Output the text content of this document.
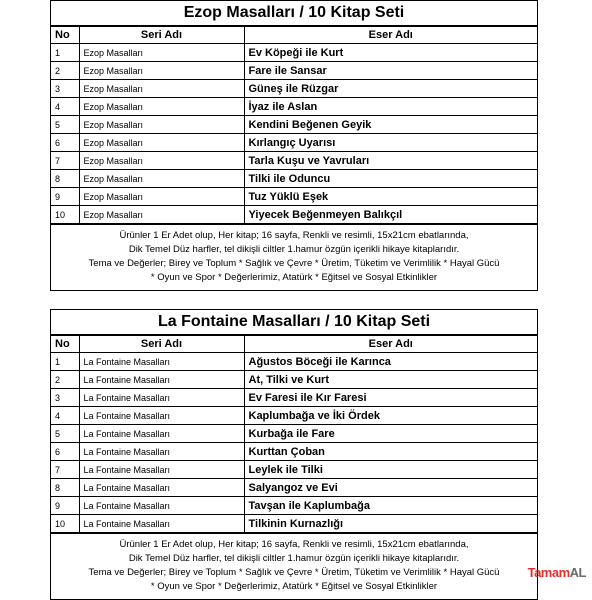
Ezop Masalları / 10 Kitap Seti
No	Seri Adı	Eser Adı
1	Ezop Masalları	Ev Köpeği ile Kurt
2	Ezop Masalları	Fare ile Sansar
3	Ezop Masalları	Güneş ile Rüzgar
4	Ezop Masalları	İyaz ile Aslan
5	Ezop Masalları	Kendini Beğenen Geyik
6	Ezop Masalları	Kırlangıç Uyarısı
7	Ezop Masalları	Tarla Kuşu ve Yavruları
8	Ezop Masalları	Tilki ile Oduncu
9	Ezop Masalları	Tuz Yüklü Eşek
10	Ezop Masalları	Yiyecek Beğenmeyen Balıkçıl
Ürünler 1 Er Adet olup, Her kitap; 16 sayfa, Renkli ve resimli, 15x21cm ebatlarında,
Dik Temel Düz harfler, tel dikişli ciltler 1.hamur özgün içerikli hikaye kitaplarıdır.
Tema ve Değerler; Birey ve Toplum * Sağlık ve Çevre * Üretim, Tüketim ve Verimlilik * Hayal Gücü
* Oyun ve Spor * Değerlerimiz, Atatürk * Eğitsel ve Sosyal Etkinlikler
La Fontaine Masalları / 10 Kitap Seti
No	Seri Adı	Eser Adı
1	La Fontaine Masalları	Ağustos Böceği ile Karınca
2	La Fontaine Masalları	At, Tilki ve Kurt
3	La Fontaine Masalları	Ev Faresi ile Kır Faresi
4	La Fontaine Masalları	Kaplumbağa ve İki Ördek
5	La Fontaine Masalları	Kurbağa ile Fare
6	La Fontaine Masalları	Kurttan Çoban
7	La Fontaine Masalları	Leylek ile Tilki
8	La Fontaine Masalları	Salyangoz ve Evi
9	La Fontaine Masalları	Tavşan ile Kaplumbağa
10	La Fontaine Masalları	Tilkinin Kurnazlığı
Ürünler 1 Er Adet olup, Her kitap; 16 sayfa, Renkli ve resimli, 15x21cm ebatlarında,
Dik Temel Düz harfler, tel dikişli ciltler 1.hamur özgün içerikli hikaye kitaplarıdır.
Tema ve Değerler; Birey ve Toplum * Sağlık ve Çevre * Üretim, Tüketim ve Verimlilik * Hayal Gücü
* Oyun ve Spor * Değerlerimiz, Atatürk * Eğitsel ve Sosyal Etkinlikler
TamamAL
